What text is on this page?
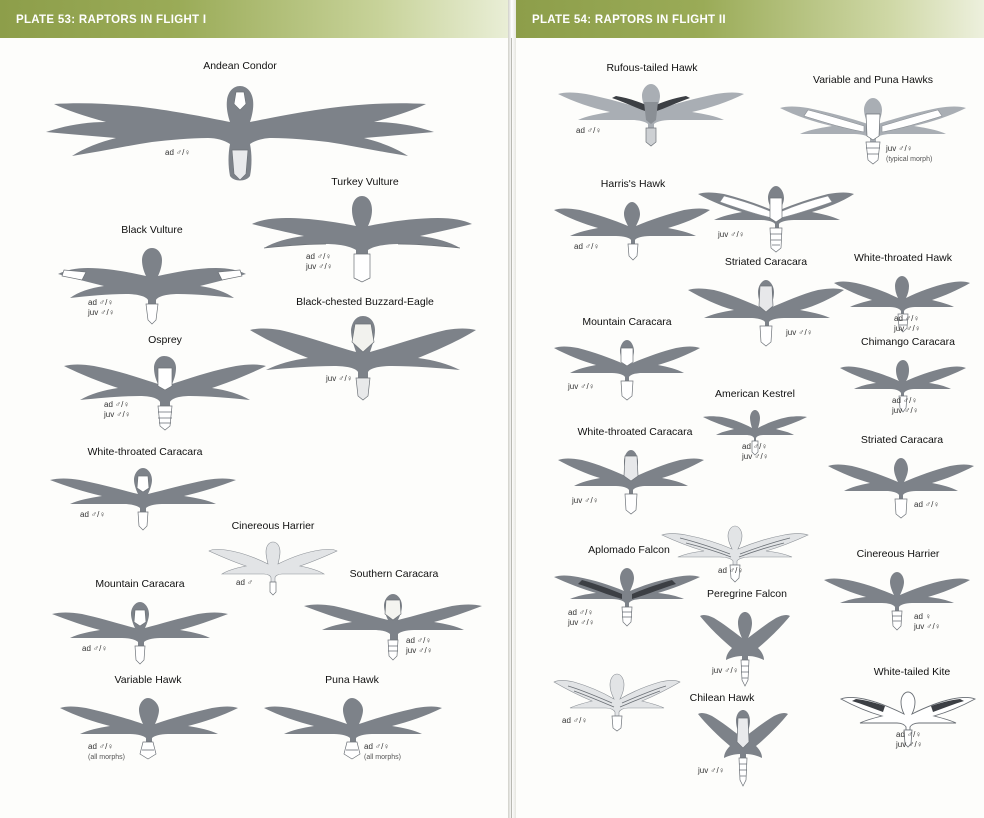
PLATE 53: RAPTORS IN FLIGHT I	PLATE 54: RAPTORS IN FLIGHT II
Andean Condor
ad ♂/♀
Turkey Vulture
ad ♂/♀
juv ♂/♀
Black Vulture
ad ♂/♀
juv ♂/♀
Osprey
ad ♂/♀
juv ♂/♀
Black-chested Buzzard-Eagle
juv ♂/♀
White-throated Caracara
ad ♂/♀
Cinereous Harrier
ad ♂
Mountain Caracara
ad ♂/♀
Southern Caracara
ad ♂/♀
juv ♂/♀
Variable Hawk
ad ♂/♀
(all morphs)
Puna Hawk
ad ♂/♀
(all morphs)
Rufous-tailed Hawk
ad ♂/♀
Variable and Puna Hawks
juv ♂/♀
(typical morph)
Harris's Hawk
ad ♂/♀
juv ♂/♀
White-throated Hawk
ad ♂/♀
juv ♂/♀
Striated Caracara
juv ♂/♀
Mountain Caracara
juv ♂/♀
Chimango Caracara
ad ♂/♀
juv ♂/♀
American Kestrel
ad ♂/♀
juv ♂/♀
White-throated Caracara
juv ♂/♀
Striated Caracara
ad ♂/♀
Aplomado Falcon
ad ♂/♀
juv ♂/♀
ad ♂/♀
Cinereous Harrier
ad ♀
juv ♂/♀
Peregrine Falcon
juv ♂/♀
Chilean Hawk
ad ♂/♀
juv ♂/♀
White-tailed Kite
ad ♂/♀
juv ♂/♀
